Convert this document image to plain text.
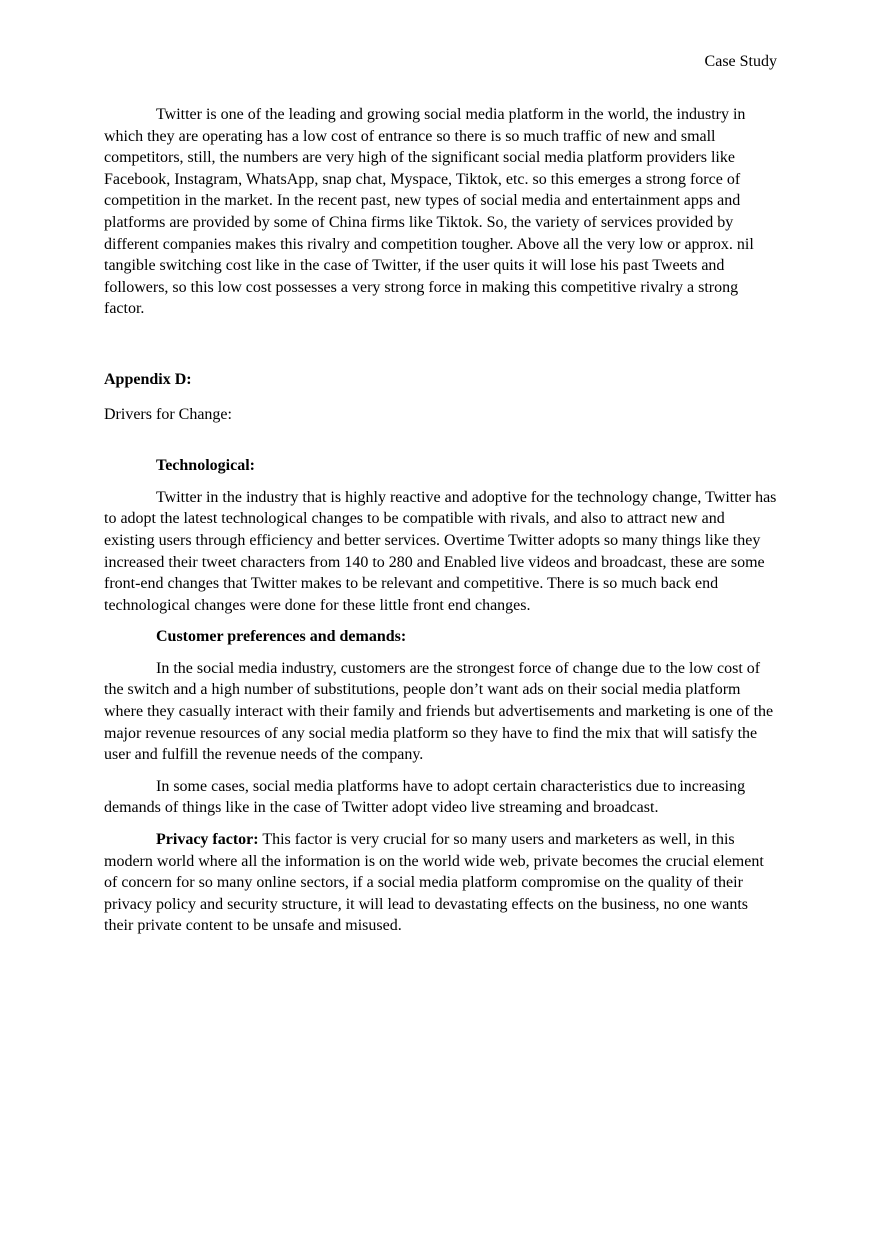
Case Study

Twitter is one of the leading and growing social media platform in the world, the industry in which they are operating has a low cost of entrance so there is so much traffic of new and small competitors, still, the numbers are very high of the significant social media platform providers like Facebook, Instagram, WhatsApp, snap chat, Myspace, Tiktok, etc. so this emerges a strong force of competition in the market. In the recent past, new types of social media and entertainment apps and platforms are provided by some of China firms like Tiktok. So, the variety of services provided by different companies makes this rivalry and competition tougher. Above all the very low or approx. nil tangible switching cost like in the case of Twitter, if the user quits it will lose his past Tweets and followers, so this low cost possesses a very strong force in making this competitive rivalry a strong factor.

Appendix D:

Drivers for Change:

Technological:

Twitter in the industry that is highly reactive and adoptive for the technology change, Twitter has to adopt the latest technological changes to be compatible with rivals, and also to attract new and existing users through efficiency and better services. Overtime Twitter adopts so many things like they increased their tweet characters from 140 to 280 and Enabled live videos and broadcast, these are some front-end changes that Twitter makes to be relevant and competitive. There is so much back end technological changes were done for these little front end changes.

Customer preferences and demands:

In the social media industry, customers are the strongest force of change due to the low cost of the switch and a high number of substitutions, people don’t want ads on their social media platform where they casually interact with their family and friends but advertisements and marketing is one of the major revenue resources of any social media platform so they have to find the mix that will satisfy the user and fulfill the revenue needs of the company.

In some cases, social media platforms have to adopt certain characteristics due to increasing demands of things like in the case of Twitter adopt video live streaming and broadcast.

Privacy factor: This factor is very crucial for so many users and marketers as well, in this modern world where all the information is on the world wide web, private becomes the crucial element of concern for so many online sectors, if a social media platform compromise on the quality of their privacy policy and security structure, it will lead to devastating effects on the business, no one wants their private content to be unsafe and misused.
